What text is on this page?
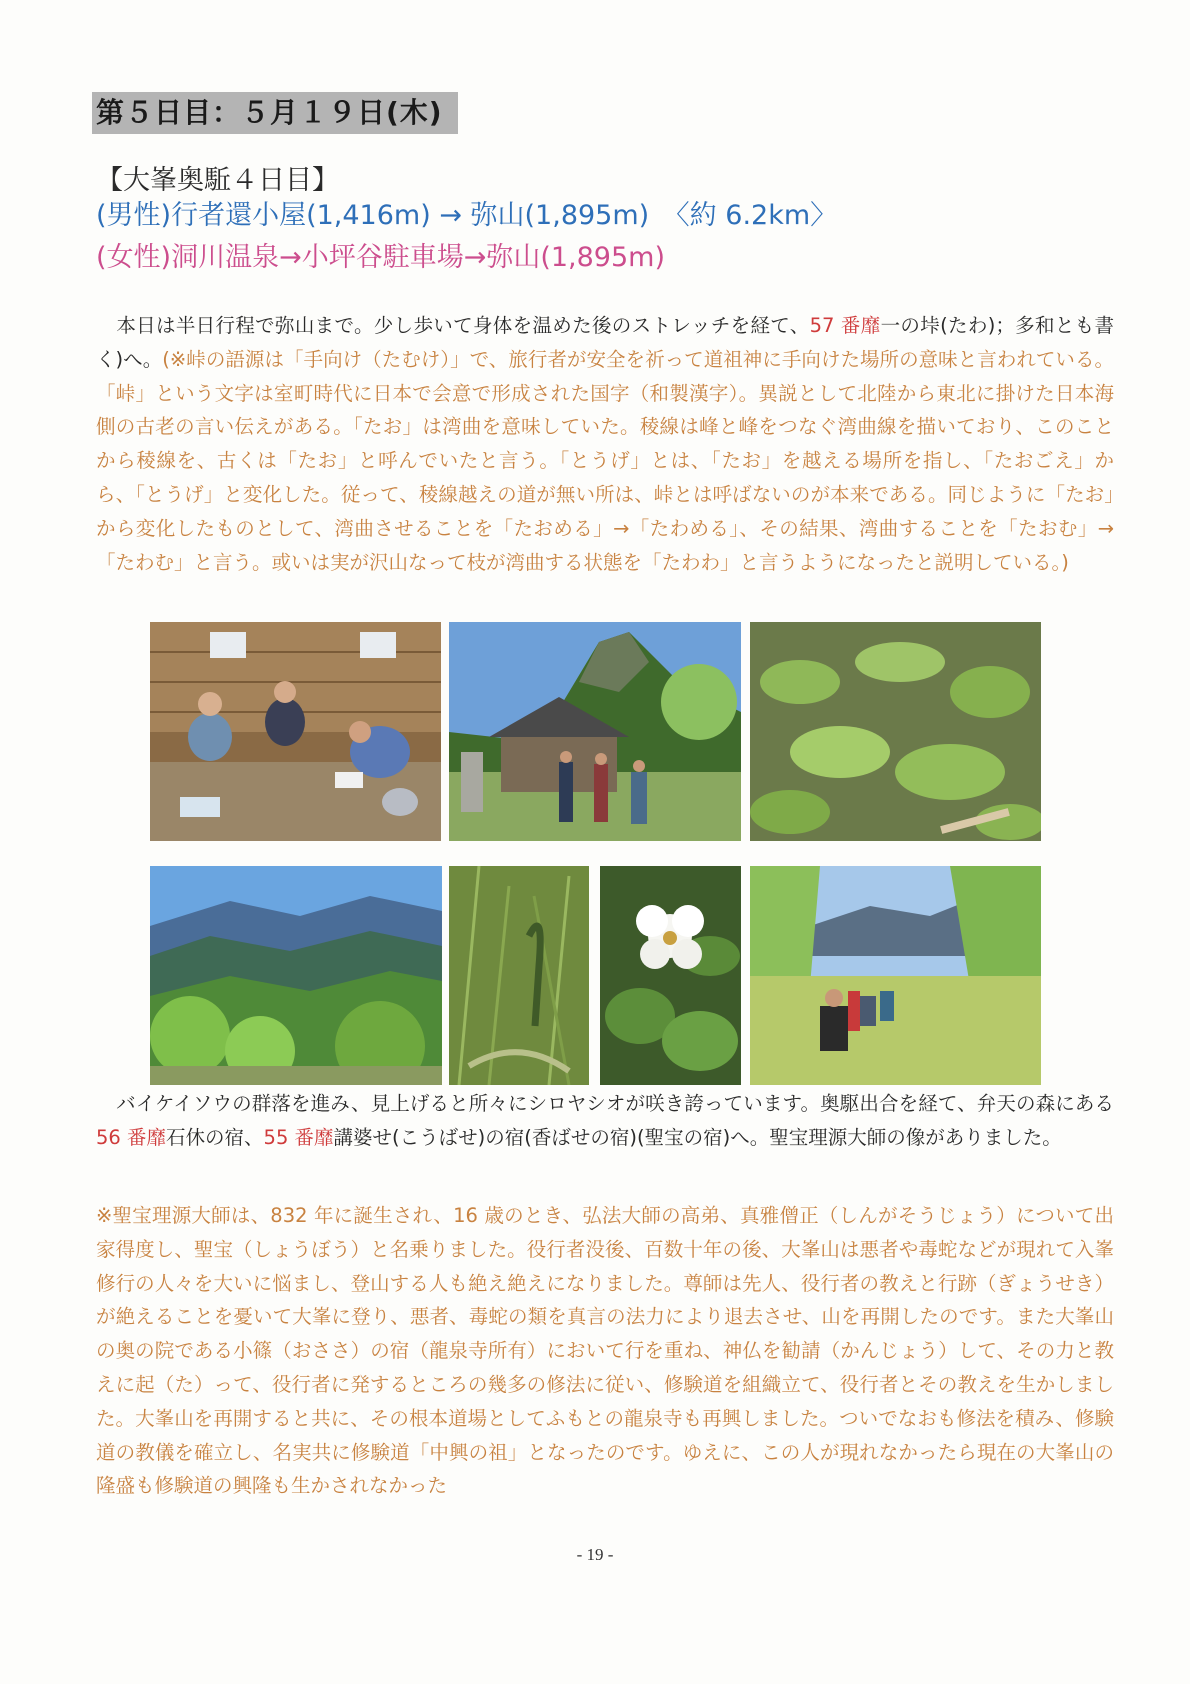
第５日目：５月１９日(木)
【大峯奥駈４日目】
(男性)行者還小屋(1,416m) → 弥山(1,895m)　〈約 6.2km〉
(女性)洞川温泉→小坪谷駐車場→弥山(1,895m)
本日は半日行程で弥山まで。少し歩いて身体を温めた後のストレッチを経て、57 番靡一の垰(たわ)；多和とも書く)へ。(※峠の語源は「手向け（たむけ）」で、旅行者が安全を祈って道祖神に手向けた場所の意味と言われている。「峠」という文字は室町時代に日本で会意で形成された国字（和製漢字）。異説として北陸から東北に掛けた日本海側の古老の言い伝えがある。「たお」は湾曲を意味していた。稜線は峰と峰をつなぐ湾曲線を描いており、このことから稜線を、古くは「たお」と呼んでいたと言う。「とうげ」とは、「たお」を越える場所を指し、「たおごえ」から、「とうげ」と変化した。従って、稜線越えの道が無い所は、峠とは呼ばないのが本来である。同じように「たお」から変化したものとして、湾曲させることを「たおめる」→「たわめる」、その結果、湾曲することを「たおむ」→「たわむ」と言う。或いは実が沢山なって枝が湾曲する状態を「たわわ」と言うようになったと説明している。)
バイケイソウの群落を進み、見上げると所々にシロヤシオが咲き誇っています。奥駆出合を経て、弁天の森にある56 番靡石休の宿、55 番靡講婆せ(こうばせ)の宿(香ばせの宿)(聖宝の宿)へ。聖宝理源大師の像がありました。
※聖宝理源大師は、832 年に誕生され、16 歳のとき、弘法大師の高弟、真雅僧正（しんがそうじょう）について出家得度し、聖宝（しょうぼう）と名乗りました。役行者没後、百数十年の後、大峯山は悪者や毒蛇などが現れて入峯修行の人々を大いに悩まし、登山する人も絶え絶えになりました。尊師は先人、役行者の教えと行跡（ぎょうせき）が絶えることを憂いて大峯に登り、悪者、毒蛇の類を真言の法力により退去させ、山を再開したのです。また大峯山の奥の院である小篠（おささ）の宿（龍泉寺所有）において行を重ね、神仏を勧請（かんじょう）して、その力と教えに起（た）って、役行者に発するところの幾多の修法に従い、修験道を組織立て、役行者とその教えを生かしました。大峯山を再開すると共に、その根本道場としてふもとの龍泉寺も再興しました。ついでなおも修法を積み、修験道の教儀を確立し、名実共に修験道「中興の祖」となったのです。ゆえに、この人が現れなかったら現在の大峯山の隆盛も修験道の興隆も生かされなかった
- 19 -
